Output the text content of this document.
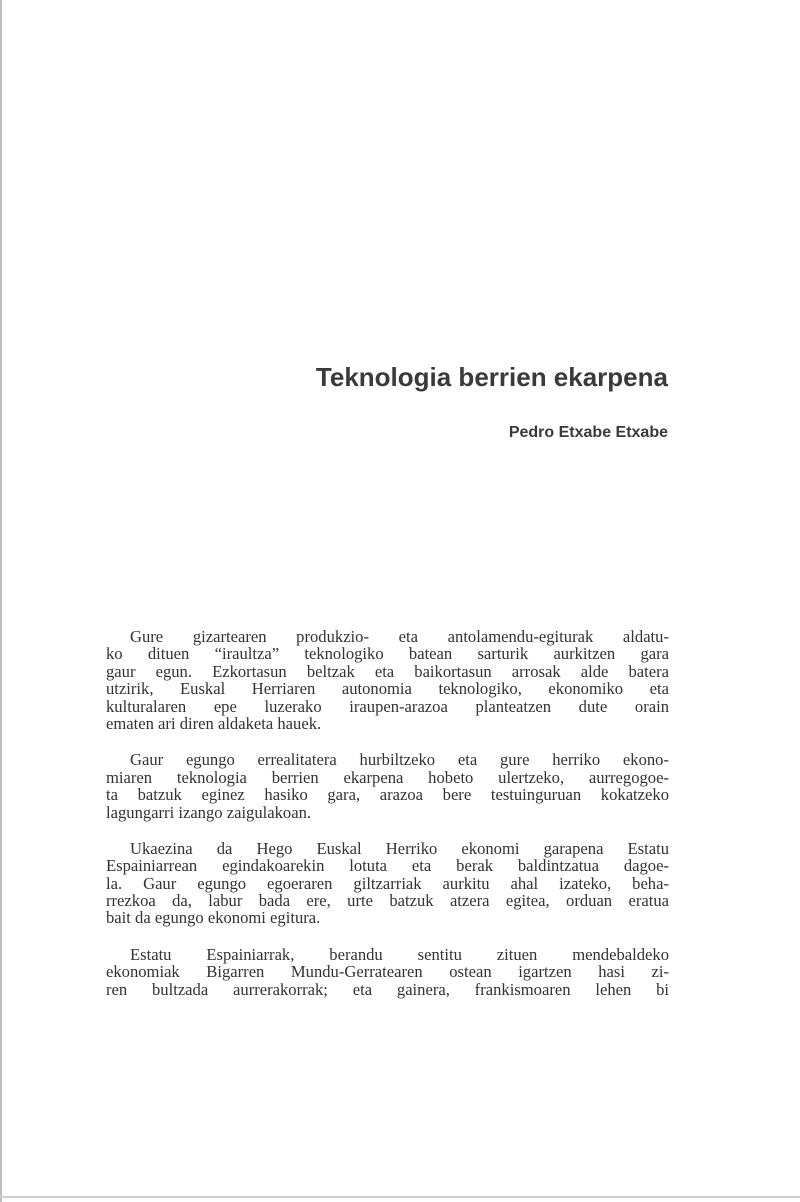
Teknologia berrien ekarpena
Pedro Etxabe Etxabe

Gure gizartearen produkzio- eta antolamendu-egiturak aldatu-
ko dituen “iraultza” teknologiko batean sarturik aurkitzen gara
gaur egun. Ezkortasun beltzak eta baikortasun arrosak alde batera
utzirik, Euskal Herriaren autonomia teknologiko, ekonomiko eta
kulturalaren epe luzerako iraupen-arazoa planteatzen dute orain
ematen ari diren aldaketa hauek.

Gaur egungo errealitatera hurbiltzeko eta gure herriko ekono-
miaren teknologia berrien ekarpena hobeto ulertzeko, aurregogoe-
ta batzuk eginez hasiko gara, arazoa bere testuinguruan kokatzeko
lagungarri izango zaigulakoan.

Ukaezina da Hego Euskal Herriko ekonomi garapena Estatu
Espainiarrean egindakoarekin lotuta eta berak baldintzatua dagoe-
la. Gaur egungo egoeraren giltzarriak aurkitu ahal izateko, beha-
rrezkoa da, labur bada ere, urte batzuk atzera egitea, orduan eratua
bait da egungo ekonomi egitura.

Estatu Espainiarrak, berandu sentitu zituen mendebaldeko
ekonomiak Bigarren Mundu-Gerratearen ostean igartzen hasi zi-
ren bultzada aurrerakorrak; eta gainera, frankismoaren lehen bi
